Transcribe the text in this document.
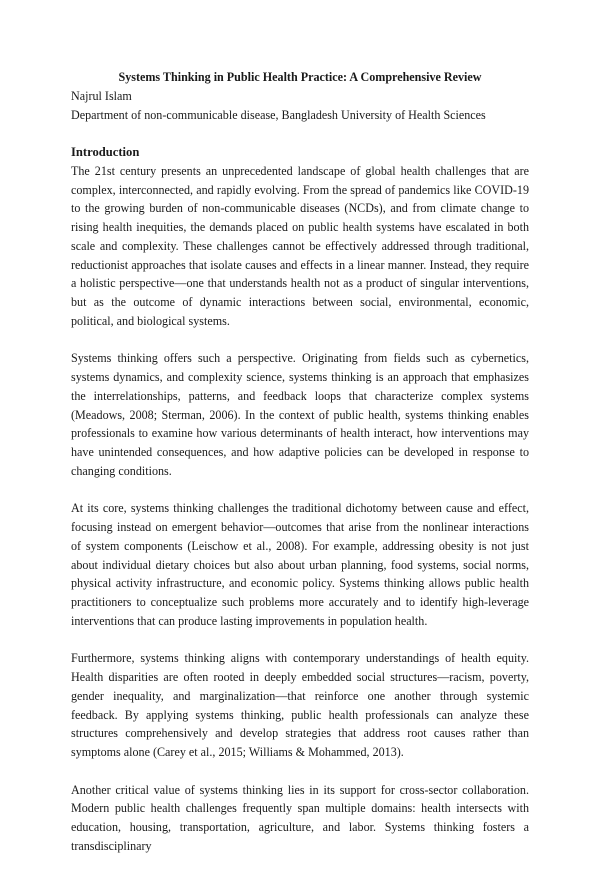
Systems Thinking in Public Health Practice: A Comprehensive Review

Najrul Islam

Department of non-communicable disease, Bangladesh University of Health Sciences

Introduction

The 21st century presents an unprecedented landscape of global health challenges that are complex, interconnected, and rapidly evolving. From the spread of pandemics like COVID-19 to the growing burden of non-communicable diseases (NCDs), and from climate change to rising health inequities, the demands placed on public health systems have escalated in both scale and complexity. These challenges cannot be effectively addressed through traditional, reductionist approaches that isolate causes and effects in a linear manner. Instead, they require a holistic perspective—one that understands health not as a product of singular interventions, but as the outcome of dynamic interactions between social, environmental, economic, political, and biological systems.

Systems thinking offers such a perspective. Originating from fields such as cybernetics, systems dynamics, and complexity science, systems thinking is an approach that emphasizes the interrelationships, patterns, and feedback loops that characterize complex systems (Meadows, 2008; Sterman, 2006). In the context of public health, systems thinking enables professionals to examine how various determinants of health interact, how interventions may have unintended consequences, and how adaptive policies can be developed in response to changing conditions.

At its core, systems thinking challenges the traditional dichotomy between cause and effect, focusing instead on emergent behavior—outcomes that arise from the nonlinear interactions of system components (Leischow et al., 2008). For example, addressing obesity is not just about individual dietary choices but also about urban planning, food systems, social norms, physical activity infrastructure, and economic policy. Systems thinking allows public health practitioners to conceptualize such problems more accurately and to identify high-leverage interventions that can produce lasting improvements in population health.

Furthermore, systems thinking aligns with contemporary understandings of health equity. Health disparities are often rooted in deeply embedded social structures—racism, poverty, gender inequality, and marginalization—that reinforce one another through systemic feedback. By applying systems thinking, public health professionals can analyze these structures comprehensively and develop strategies that address root causes rather than symptoms alone (Carey et al., 2015; Williams & Mohammed, 2013).

Another critical value of systems thinking lies in its support for cross-sector collaboration. Modern public health challenges frequently span multiple domains: health intersects with education, housing, transportation, agriculture, and labor. Systems thinking fosters a transdisciplinary
